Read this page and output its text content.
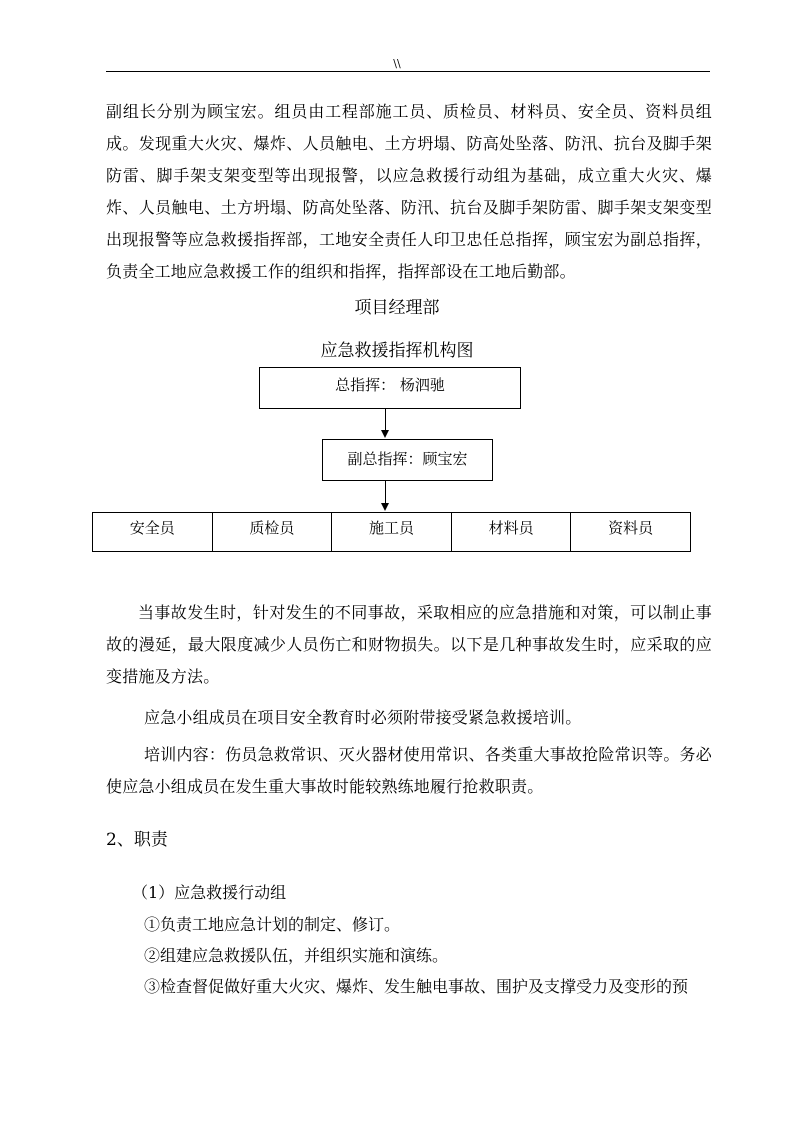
\\
副组长分别为顾宝宏。组员由工程部施工员、质检员、材料员、安全员、资料员组成。发现重大火灾、爆炸、人员触电、土方坍塌、防高处坠落、防汛、抗台及脚手架防雷、脚手架支架变型等出现报警，以应急救援行动组为基础，成立重大火灾、爆炸、人员触电、土方坍塌、防高处坠落、防汛、抗台及脚手架防雷、脚手架支架变型出现报警等应急救援指挥部，工地安全责任人印卫忠任总指挥，顾宝宏为副总指挥，负责全工地应急救援工作的组织和指挥，指挥部设在工地后勤部。
项目经理部
应急救援指挥机构图
总指挥： 杨泗驰
副总指挥：顾宝宏
安全员	质检员	施工员	材料员	资料员
当事故发生时，针对发生的不同事故，采取相应的应急措施和对策，可以制止事故的漫延，最大限度减少人员伤亡和财物损失。以下是几种事故发生时，应采取的应变措施及方法。
应急小组成员在项目安全教育时必须附带接受紧急救援培训。
培训内容：伤员急救常识、灭火器材使用常识、各类重大事故抢险常识等。务必使应急小组成员在发生重大事故时能较熟练地履行抢救职责。
2、职责
（1）应急救援行动组
①负责工地应急计划的制定、修订。
②组建应急救援队伍，并组织实施和演练。
③检查督促做好重大火灾、爆炸、发生触电事故、围护及支撑受力及变形的预
